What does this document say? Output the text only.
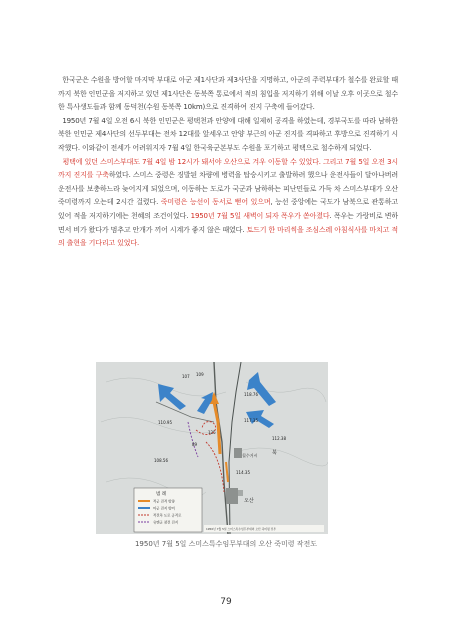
한국군은 수원을 방어할 마지막 부대로 아군 제1사단과 제3사단을 지명하고, 아군의 주력부대가 철수를 완료할 때까지 북한 인민군을 저지하고 있던 제1사단은 동북쪽 통로에서 적의 침입을 저지하기 위해 이날 오후 이곳으로 철수한 특사생도들과 함께 동덕천(수원 동북쪽 10km)으로 진격하여 진지 구축에 들어갔다.

1950년 7월 4일 오전 6시 북한 인민군은 평택천과 안양에 대해 일제히 공격을 하였는데, 경부국도를 따라 남하한 북한 인민군 제4사단의 선두부대는 전차 12대를 앞세우고 안양 부근의 아군 진지를 격파하고 후방으로 진격하기 시작했다. 이와같이 전세가 어려워지자 7월 4일 한국육군본부도 수원을 포기하고 평택으로 철수하게 되었다.

평택에 있던 스미스부대도 7월 4일 밤 12시가 돼서야 오산으로 겨우 이동할 수 있었다. 그리고 7월 5일 오전 3시까지 진지를 구축하였다. 스미스 중령은 징발된 차량에 병력을 탑승시키고 출발하려 했으나 운전사들이 달아나버려 운전사를 보충하느라 늦어지게 되었으며, 이동하는 도로가 국군과 남하하는 피난민들로 가득 차 스미스부대가 오산 죽미령까지 오는데 2시간 걸렸다. 죽미령은 능선이 동서로 뻗어 있으며, 능선 중앙에는 국도가 남북으로 관통하고 있어 적을 저지하기에는 천혜의 조건이었다. 1950년 7월 5일 새벽이 되자 폭우가 쏟아졌다. 폭우는 가랑비로 변하면서 비가 왔다가 멈추고 안개가 끼어 시계가 좋지 않은 때였다. 토드기 한 마리씩을 조심스레 아침식사를 마치고 적의 출현을 기다리고 있었다.

107 109
125
89
118.76
117.35
114.35
112.38
북
칠수거시
오산
110.95
108.56
범 례
적군 진격 방향
아군 진지 방어
적전차 도로 공격로
유엔군 참전 진지
1950년 7월 5일 스미스특수임무부대의 오산 죽미령 전투
1950년 7월 5일 스미스특수임무부대의 오산 죽미령 작전도
79
